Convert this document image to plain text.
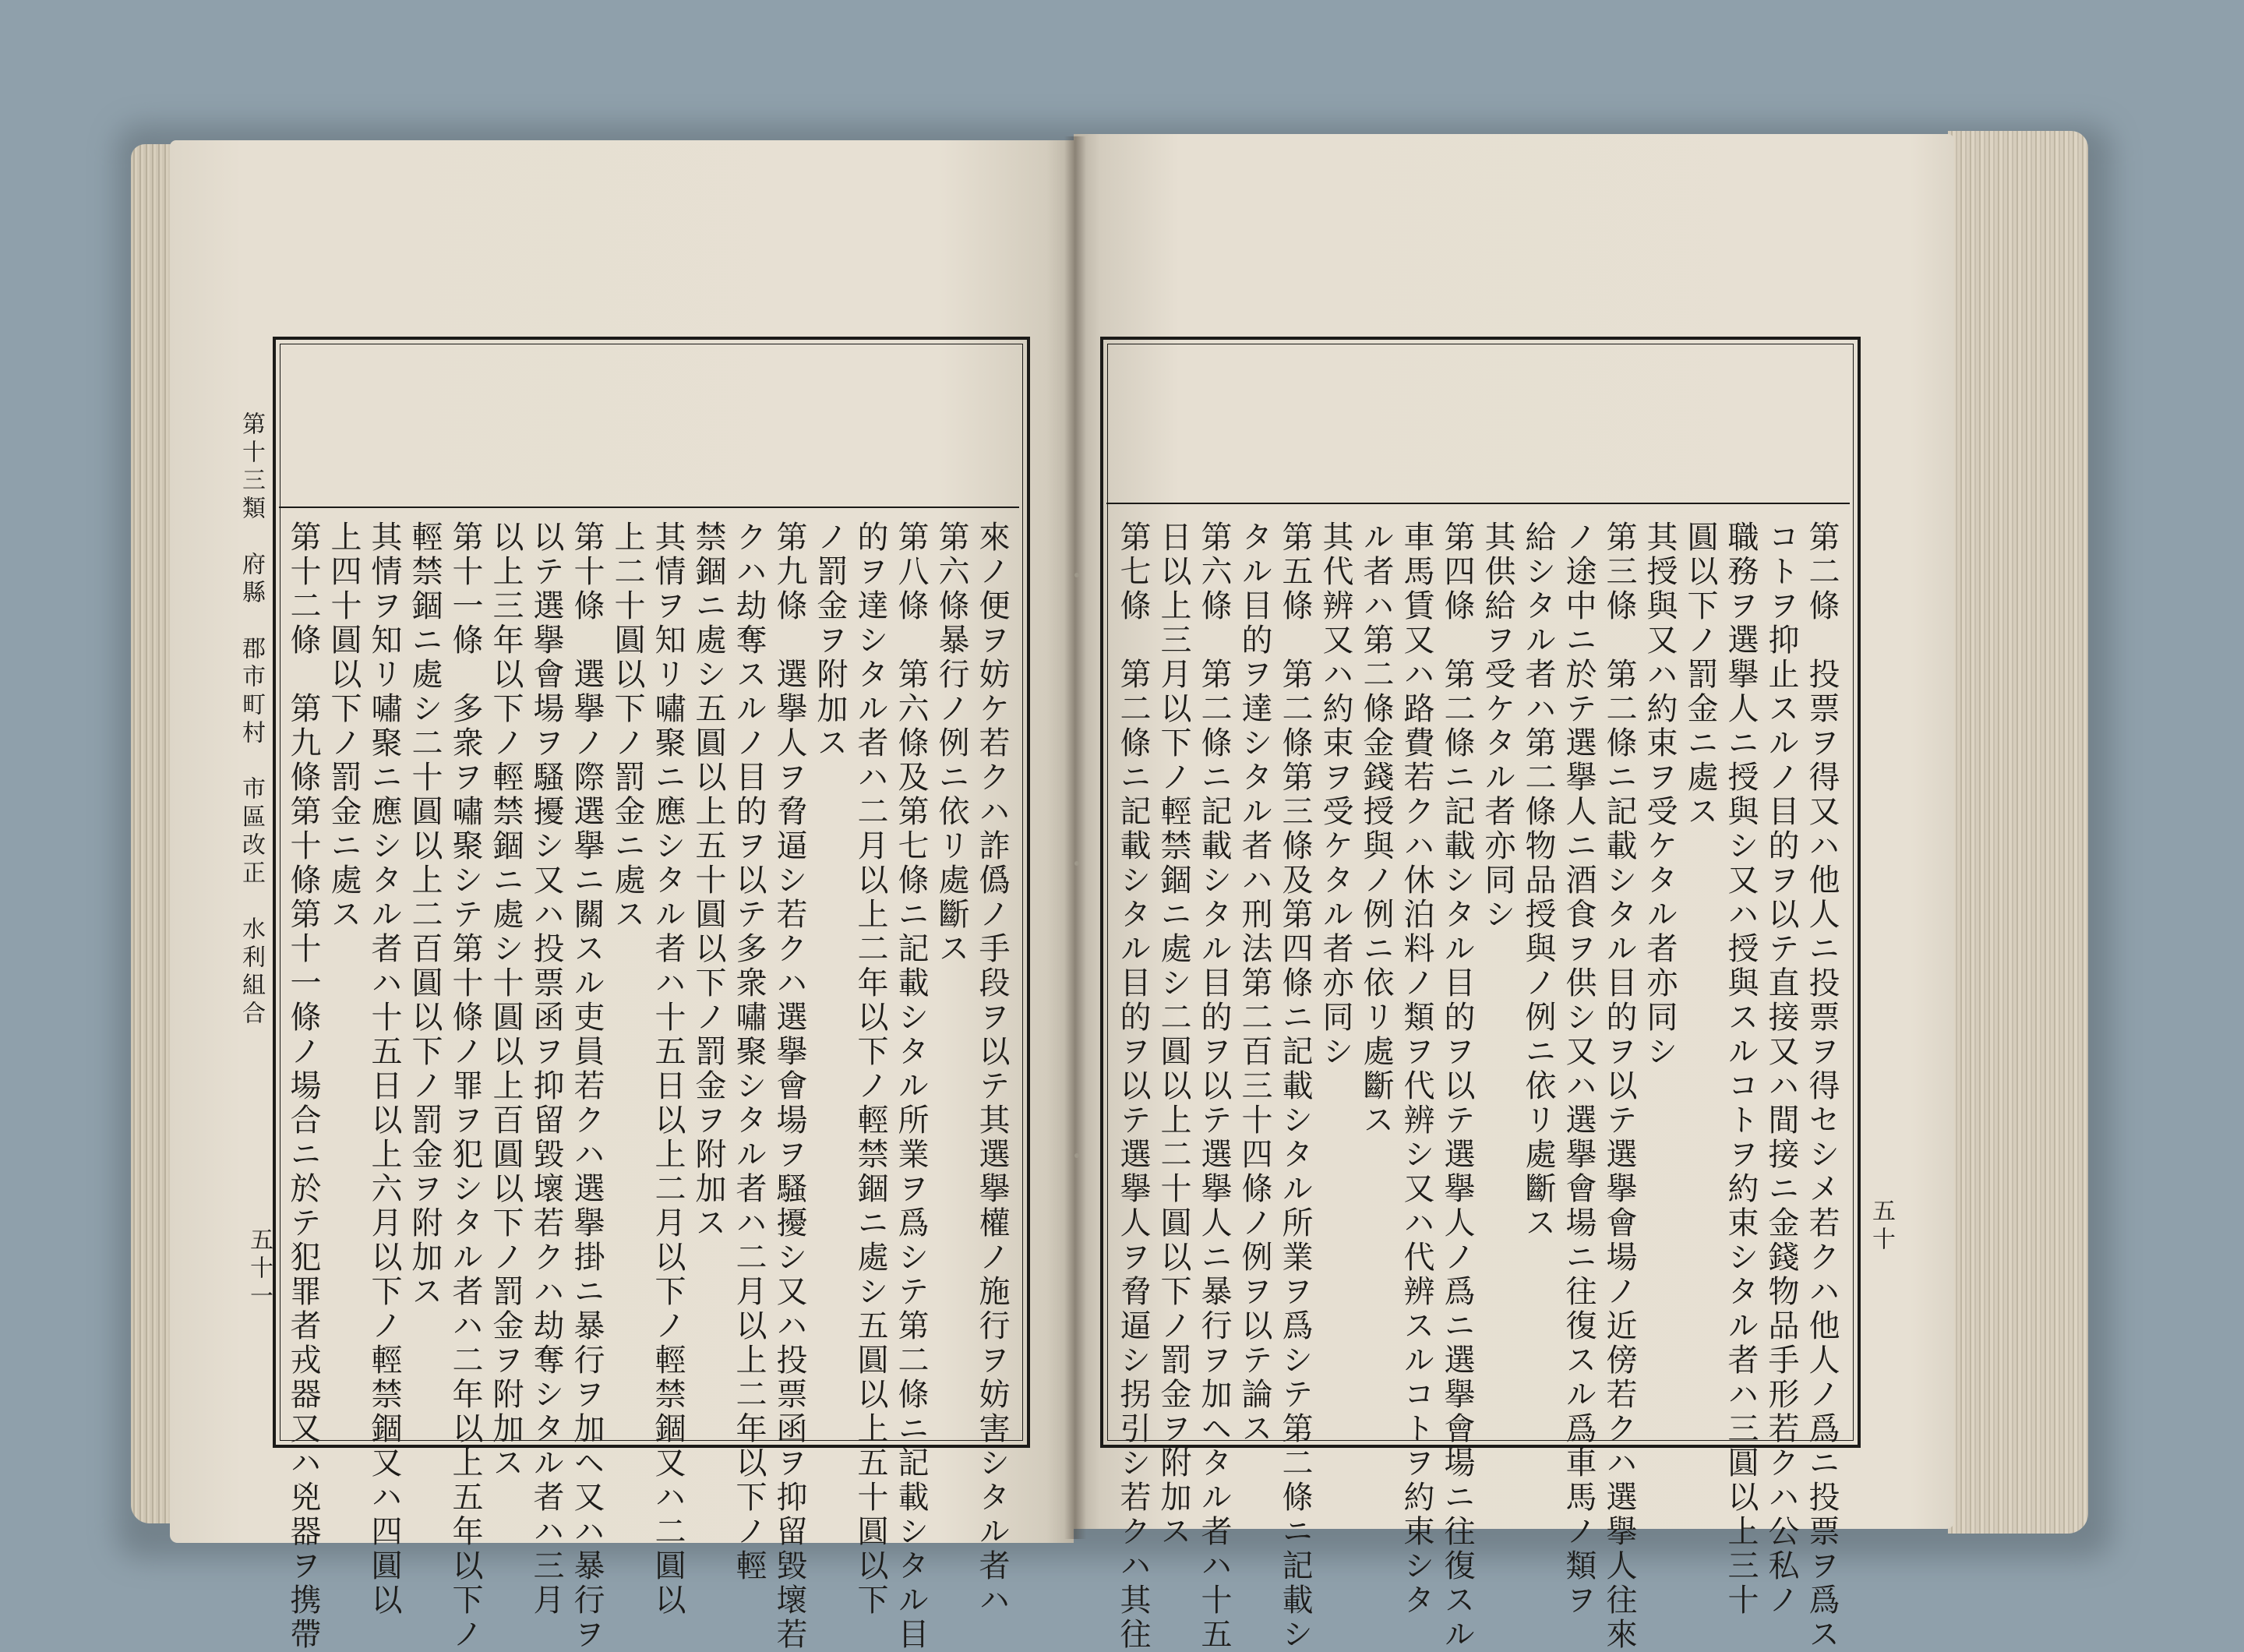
第十三類　府縣　郡市町村　市區改正　水利組合
五十一
五十
來ノ便ヲ妨ケ若クハ詐僞ノ手段ヲ以テ其選擧權ノ施行ヲ妨害シタル者ハ
第六條暴行ノ例ニ依リ處斷ス
第八條　第六條及第七條ニ記載シタル所業ヲ爲シテ第二條ニ記載シタル目
的ヲ達シタル者ハ二月以上二年以下ノ輕禁錮ニ處シ五圓以上五十圓以下
ノ罰金ヲ附加ス
第九條　選擧人ヲ脅逼シ若クハ選擧會場ヲ騷擾シ又ハ投票函ヲ抑留毀壞若
クハ劫奪スルノ目的ヲ以テ多衆嘯聚シタル者ハ二月以上二年以下ノ輕
禁錮ニ處シ五圓以上五十圓以下ノ罰金ヲ附加ス
其情ヲ知リ嘯聚ニ應シタル者ハ十五日以上二月以下ノ輕禁錮又ハ二圓以
上二十圓以下ノ罰金ニ處ス
第十條　選擧ノ際選擧ニ關スル吏員若クハ選擧掛ニ暴行ヲ加ヘ又ハ暴行ヲ
以テ選擧會場ヲ騷擾シ又ハ投票函ヲ抑留毀壞若クハ劫奪シタル者ハ三月
以上三年以下ノ輕禁錮ニ處シ十圓以上百圓以下ノ罰金ヲ附加ス
第十一條　多衆ヲ嘯聚シテ第十條ノ罪ヲ犯シタル者ハ二年以上五年以下ノ
輕禁錮ニ處シ二十圓以上二百圓以下ノ罰金ヲ附加ス
其情ヲ知リ嘯聚ニ應シタル者ハ十五日以上六月以下ノ輕禁錮又ハ四圓以
上四十圓以下ノ罰金ニ處ス
第十二條　第九條第十條第十一條ノ場合ニ於テ犯罪者戎器又ハ兇器ヲ携帶	第二條　投票ヲ得又ハ他人ニ投票ヲ得セシメ若クハ他人ノ爲ニ投票ヲ爲ス
コトヲ抑止スルノ目的ヲ以テ直接又ハ間接ニ金錢物品手形若クハ公私ノ
職務ヲ選擧人ニ授與シ又ハ授與スルコトヲ約束シタル者ハ三圓以上三十
圓以下ノ罰金ニ處ス
其授與又ハ約束ヲ受ケタル者亦同シ
第三條　第二條ニ記載シタル目的ヲ以テ選擧會場ノ近傍若クハ選擧人往來
ノ途中ニ於テ選擧人ニ酒食ヲ供シ又ハ選擧會場ニ往復スル爲車馬ノ類ヲ
給シタル者ハ第二條物品授與ノ例ニ依リ處斷ス
其供給ヲ受ケタル者亦同シ
第四條　第二條ニ記載シタル目的ヲ以テ選擧人ノ爲ニ選擧會場ニ往復スル
車馬賃又ハ路費若クハ休泊料ノ類ヲ代辨シ又ハ代辨スルコトヲ約束シタ
ル者ハ第二條金錢授與ノ例ニ依リ處斷ス
其代辨又ハ約束ヲ受ケタル者亦同シ
第五條　第二條第三條及第四條ニ記載シタル所業ヲ爲シテ第二條ニ記載シ
タル目的ヲ達シタル者ハ刑法第二百三十四條ノ例ヲ以テ論ス
第六條　第二條ニ記載シタル目的ヲ以テ選擧人ニ暴行ヲ加ヘタル者ハ十五
日以上三月以下ノ輕禁錮ニ處シ二圓以上二十圓以下ノ罰金ヲ附加ス
第七條　第二條ニ記載シタル目的ヲ以テ選擧人ヲ脅逼シ拐引シ若クハ其往
